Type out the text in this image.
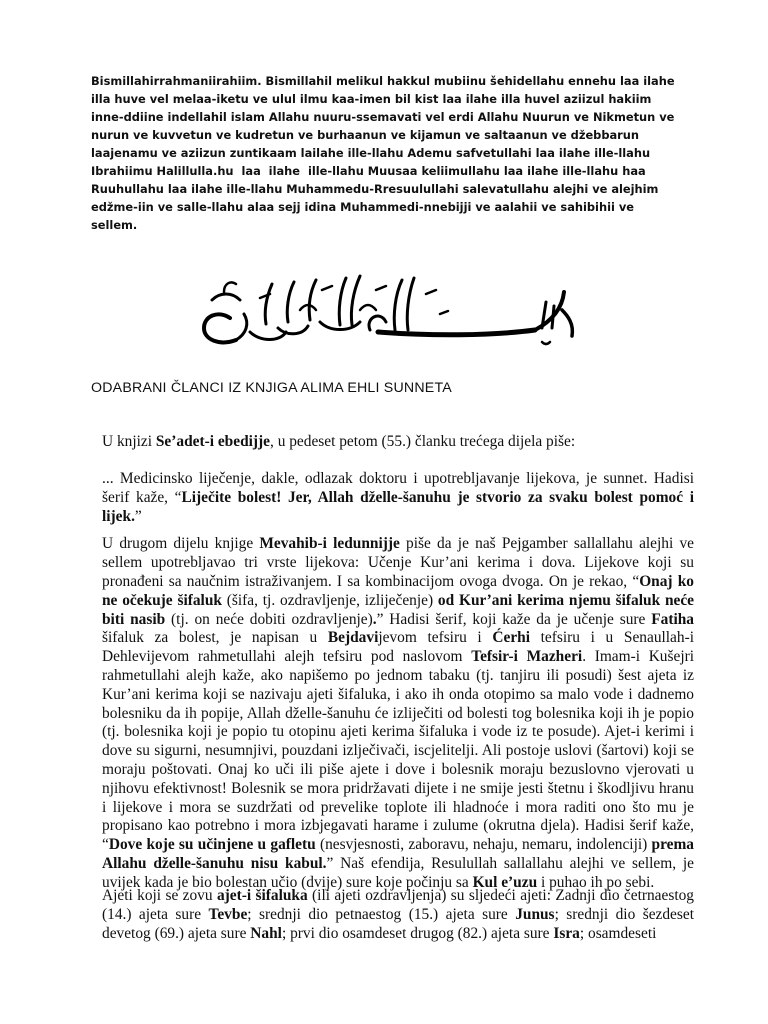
Bismillahirrahmaniirahiim. Bismillahil melikul hakkul mubiinu šehidellahu ennehu laa ilahe illa huve vel melaa-iketu ve ulul ilmu kaa-imen bil kist laa ilahe illa huvel aziizul hakiim inne-ddiine indellahil islam Allahu nuuru-ssemavati vel erdi Allahu Nuurun ve Nikmetun ve nurun ve kuvvetun ve kudretun ve burhaanun ve kijamun ve saltaanun ve džebbarun laajenamu ve aziizun zuntikaam lailahe ille-llahu Ademu safvetullahi laa ilahe ille-llahu Ibrahiimu Halillulla.hu  laa  ilahe  ille-llahu Muusaa keliimullahu laa ilahe ille-llahu haa Ruuhullahu laa ilahe ille-llahu Muhammedu-Rresuulullahi salevatullahu alejhi ve alejhim edžme-iin ve salle-llahu alaa sejj idina Muhammedi-nnebijji ve aalahii ve sahibihii ve sellem.

ODABRANI ČLANCI IZ KNJIGA ALIMA EHLI SUNNETA

U knjizi Se’adet-i ebedijje, u pedeset petom (55.) članku trećega dijela piše:

... Medicinsko liječenje, dakle, odlazak doktoru i upotrebljavanje lijekova, je sunnet. Hadisi šerif kaže, “Liječite bolest! Jer, Allah dželle-šanuhu je stvorio za svaku bolest pomoć i lijek.”

U drugom dijelu knjige Mevahib-i ledunnijje piše da je naš Pejgamber sallallahu alejhi ve sellem upotrebljavao tri vrste lijekova: Učenje Kur’ani kerima i dova. Lijekove koji su pronađeni sa naučnim istraživanjem. I sa kombinacijom ovoga dvoga. On je rekao, “Onaj ko ne očekuje šifaluk (šifa, tj. ozdravljenje, izliječenje) od Kur’ani kerima njemu šifaluk neće biti nasib (tj. on neće dobiti ozdravljenje).” Hadisi šerif, koji kaže da je učenje sure Fatiha šifaluk za bolest, je napisan u Bejdavijevom tefsiru i Ćerhi tefsiru i u Senaullah-i Dehlevijevom rahmetullahi alejh tefsiru pod naslovom Tefsir-i Mazheri. Imam-i Kušejri rahmetullahi alejh kaže, ako napišemo po jednom tabaku (tj. tanjiru ili posudi) šest ajeta iz Kur’ani kerima koji se nazivaju ajeti šifaluka, i ako ih onda otopimo sa malo vode i dadnemo bolesniku da ih popije, Allah dželle-šanuhu će izliječiti od bolesti tog bolesnika koji ih je popio (tj. bolesnika koji je popio tu otopinu ajeti kerima šifaluka i vode iz te posude). Ajet-i kerimi i dove su sigurni, nesumnjivi, pouzdani izlječivači, iscjelitelji. Ali postoje uslovi (šartovi) koji se moraju poštovati. Onaj ko uči ili piše ajete i dove i bolesnik moraju bezuslovno vjerovati u njihovu efektivnost! Bolesnik se mora pridržavati dijete i ne smije jesti štetnu i škodljivu hranu i lijekove i mora se suzdržati od prevelike toplote ili hladnoće i mora raditi ono što mu je propisano kao potrebno i mora izbjegavati harame i zulume (okrutna djela). Hadisi šerif kaže, “Dove koje su učinjene u gafletu (nesvjesnosti, zaboravu, nehaju, nemaru, indolenciji) prema Allahu dželle-šanuhu nisu kabul.” Naš efendija, Resulullah sallallahu alejhi ve sellem, je uvijek kada je bio bolestan učio (dvije) sure koje počinju sa Kul e’uzu i puhao ih po sebi.

Ajeti koji se zovu ajet-i šifaluka (ili ajeti ozdravljenja) su sljedeći ajeti: Zadnji dio četrnaestog (14.) ajeta sure Tevbe; srednji dio petnaestog (15.) ajeta sure Junus; srednji dio šezdeset devetog (69.) ajeta sure Nahl; prvi dio osamdeset drugog (82.) ajeta sure Isra; osamdeseti
